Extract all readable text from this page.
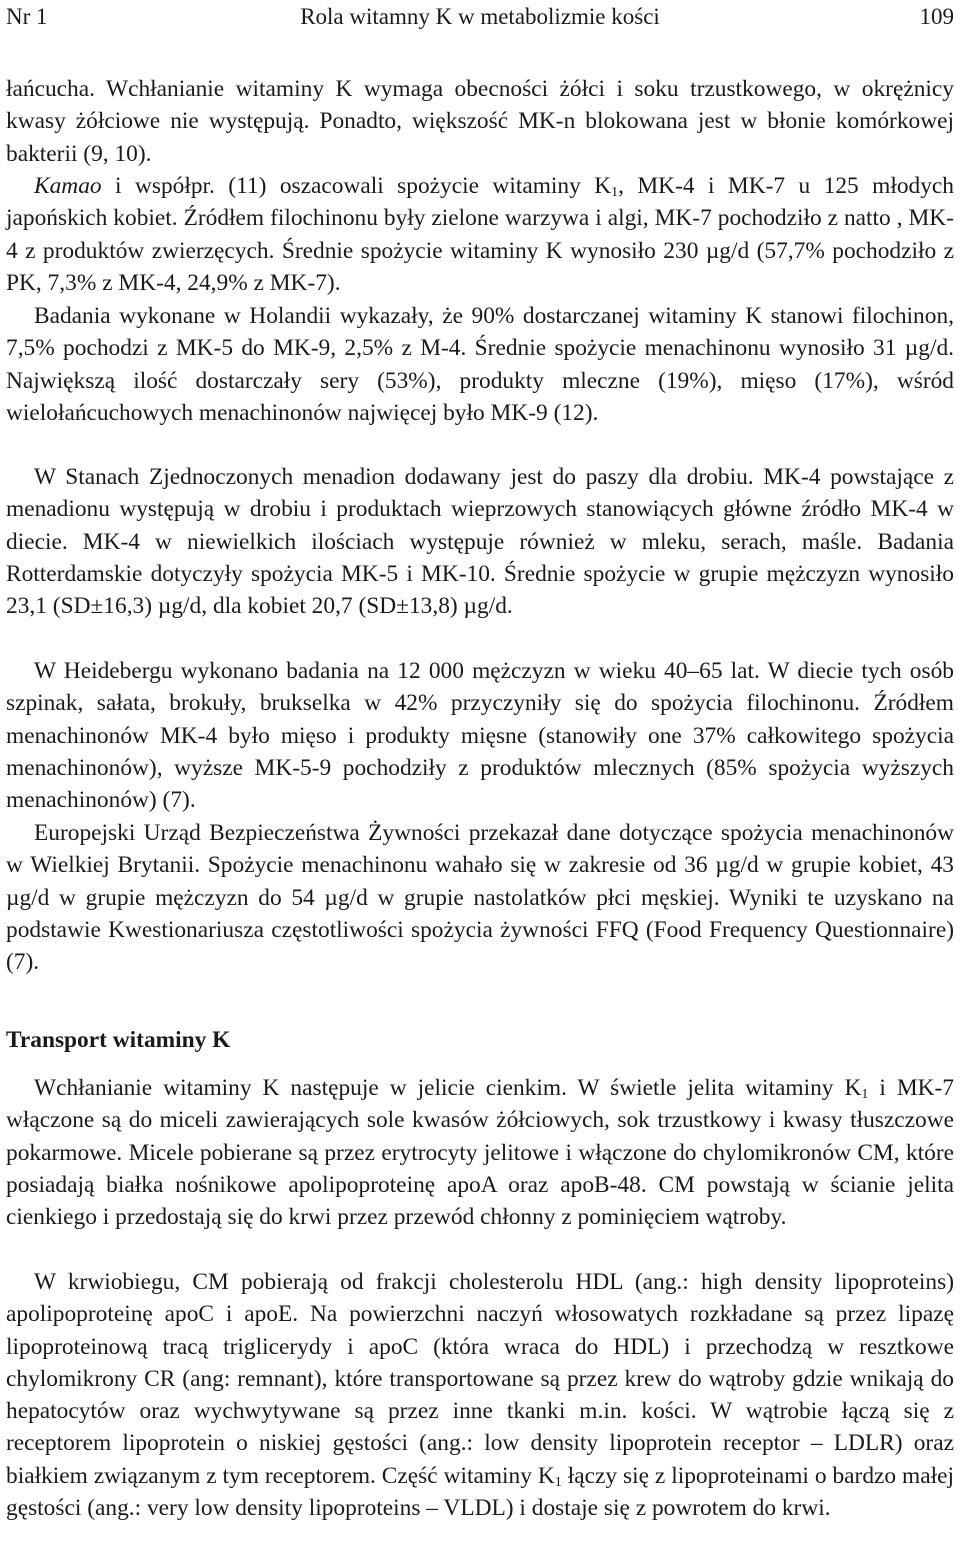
Nr 1	Rola witamny K w metabolizmie kości	109

łańcucha. Wchłanianie witaminy K wymaga obecności żółci i soku trzustkowego, w okrężnicy kwasy żółciowe nie występują. Ponadto, większość MK-n blokowana jest w błonie komórkowej bakterii (9, 10).

Kamao i współpr. (11) oszacowali spożycie witaminy $K_1$, MK-4 i MK-7 u 125 młodych japońskich kobiet. Źródłem filochinonu były zielone warzywa i algi, MK-7 pochodziło z natto , MK-4 z produktów zwierzęcych. Średnie spożycie witaminy K wynosiło 230 µg/d (57,7% pochodziło z PK, 7,3% z MK-4, 24,9% z MK-7).

Badania wykonane w Holandii wykazały, że 90% dostarczanej witaminy K stanowi filochinon, 7,5% pochodzi z MK-5 do MK-9, 2,5% z M-4. Średnie spożycie menachinonu wynosiło 31 µg/d. Największą ilość dostarczały sery (53%), produkty mleczne (19%), mięso (17%), wśród wielołańcuchowych menachinonów najwięcej było MK-9 (12).

W Stanach Zjednoczonych menadion dodawany jest do paszy dla drobiu. MK-4 powstające z menadionu występują w drobiu i produktach wieprzowych stanowiących główne źródło MK-4 w diecie. MK-4 w niewielkich ilościach występuje również w mleku, serach, maśle. Badania Rotterdamskie dotyczyły spożycia MK-5 i MK-10. Średnie spożycie w grupie mężczyzn wynosiło 23,1 (SD±16,3) µg/d, dla kobiet 20,7 (SD±13,8) µg/d.

W Heidebergu wykonano badania na 12 000 mężczyzn w wieku 40–65 lat. W diecie tych osób szpinak, sałata, brokuły, brukselka w 42% przyczyniły się do spożycia filochinonu. Źródłem menachinonów MK-4 było mięso i produkty mięsne (stanowiły one 37% całkowitego spożycia menachinonów), wyższe MK-5-9 pochodziły z produktów mlecznych (85% spożycia wyższych menachinonów) (7).

Europejski Urząd Bezpieczeństwa Żywności przekazał dane dotyczące spożycia menachinonów w Wielkiej Brytanii. Spożycie menachinonu wahało się w zakresie od 36 µg/d w grupie kobiet, 43 µg/d w grupie mężczyzn do 54 µg/d w grupie nastolatków płci męskiej. Wyniki te uzyskano na podstawie Kwestionariusza częstotliwości spożycia żywności FFQ (Food Frequency Questionnaire) (7).

Transport witaminy K

Wchłanianie witaminy K następuje w jelicie cienkim. W świetle jelita witaminy $K_1$ i MK-7 włączone są do miceli zawierających sole kwasów żółciowych, sok trzustkowy i kwasy tłuszczowe pokarmowe. Micele pobierane są przez erytrocyty jelitowe i włączone do chylomikronów CM, które posiadają białka nośnikowe apolipoproteinę apoA oraz apoB-48. CM powstają w ścianie jelita cienkiego i przedostają się do krwi przez przewód chłonny z pominięciem wątroby.

W krwiobiegu, CM pobierają od frakcji cholesterolu HDL (ang.: high density lipoproteins) apolipoproteinę apoC i apoE. Na powierzchni naczyń włosowatych rozkładane są przez lipazę lipoproteinową tracą triglicerydy i apoC (która wraca do HDL) i przechodzą w resztkowe chylomikrony CR (ang: remnant), które transportowane są przez krew do wątroby gdzie wnikają do hepatocytów oraz wychwytywane są przez inne tkanki m.in. kości. W wątrobie łączą się z receptorem lipoprotein o niskiej gęstości (ang.: low density lipoprotein receptor – LDLR) oraz białkiem związanym z tym receptorem. Część witaminy $K_1$ łączy się z lipoproteinami o bardzo małej gęstości (ang.: very low density lipoproteins – VLDL) i dostaje się z powrotem do krwi.
